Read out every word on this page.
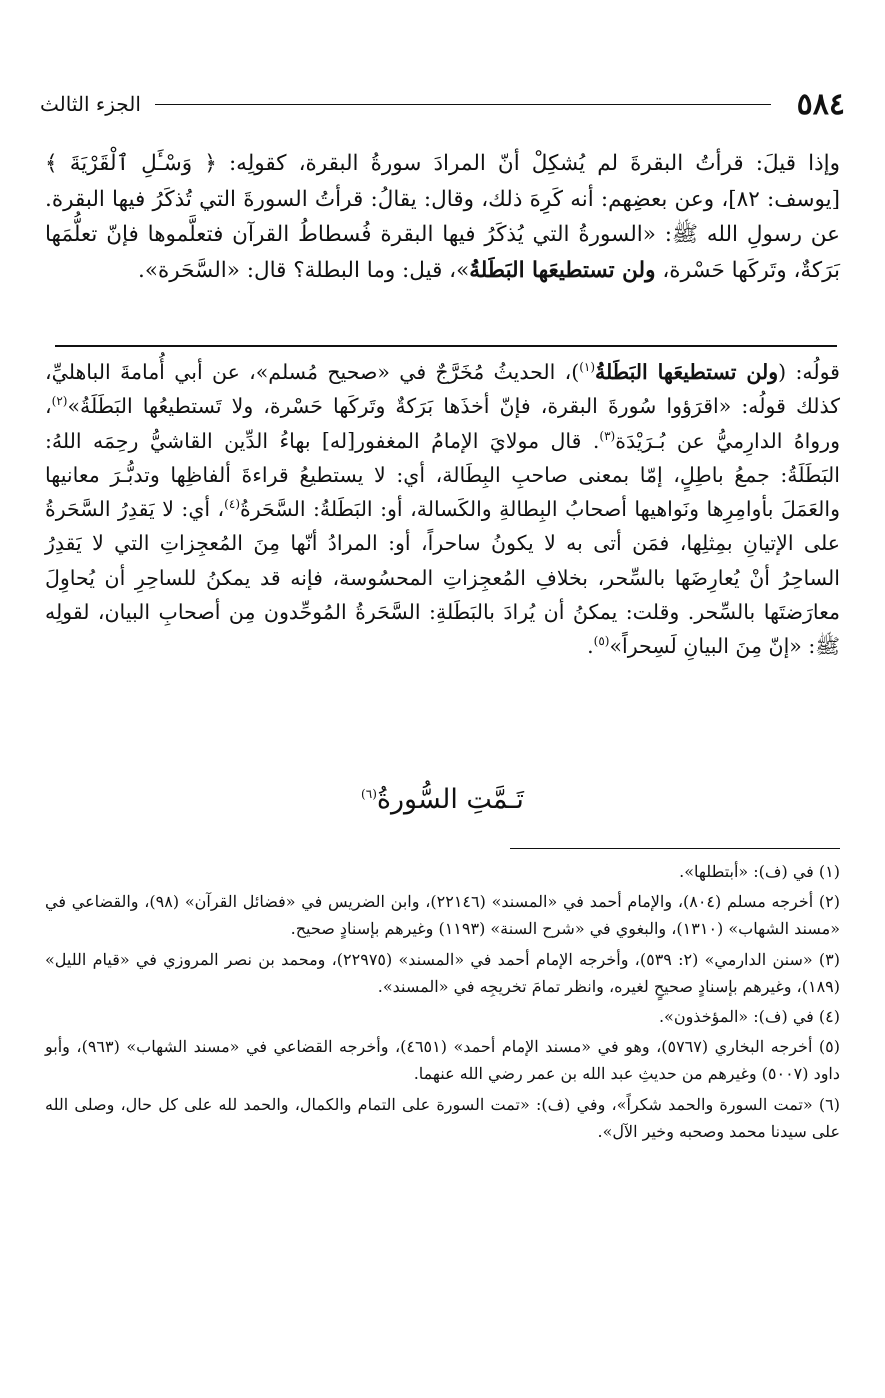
٥٨٤
الجزء الثالث

وإذا قيلَ: قرأتُ البقرةَ لم يُشكِلْ أنّ المرادَ سورةُ البقرة، كقولِه: ﴿ وَسْـَٔلِ ٱلْقَرْيَةَ ﴾ [يوسف: ٨٢]، وعن بعضِهم: أنه كَرِهَ ذلك، وقال: يقالُ: قرأتُ السورةَ التي تُذكَرُ فيها البقرة. عن رسولِ الله ﷺ: «السورةُ التي يُذكَرُ فيها البقرة فُسطاطُ القرآن فتعلَّموها فإنّ تعلُّمَها بَرَكةٌ، وتَركَها حَسْرة، ولن تستطيعَها البَطَلةُ»، قيل: وما البطلة؟ قال: «السَّحَرة».

قولُه: (ولن تستطيعَها البَطَلةُ$^{(١)}$)، الحديثُ مُخَرَّجٌ في «صحيح مُسلم»، عن أبي أُمامةَ الباهليِّ، كذلك قولُه: «اقرَؤوا سُورةَ البقرة، فإنّ أخذَها بَرَكةٌ وتَركَها حَسْرة، ولا تَستطيعُها البَطَلَةُ»$^{(٢)}$، ورواهُ الدارِميُّ عن بُـرَيْدَة$^{(٣)}$. قال مولايَ الإمامُ المغفور[له] بهاءُ الدِّين القاشيُّ رحِمَه اللهُ: البَطَلَةُ: جمعُ باطِلٍ، إمّا بمعنى صاحبِ البِطَالة، أي: لا يستطيعُ قراءةَ ألفاظِها وتدبُّـرَ معانيها والعَمَلَ بأوامِرِها ونَواهيها أصحابُ البِطالةِ والكَسالة، أو: البَطَلةُ: السَّحَرةُ$^{(٤)}$، أي: لا يَقدِرُ السَّحَرةُ على الإتيانِ بمِثلِها، فمَن أتى به لا يكونُ ساحراً، أو: المرادُ أنّها مِنَ المُعجِزاتِ التي لا يَقدِرُ الساحِرُ أنْ يُعارِضَها بالسِّحر، بخلافِ المُعجِزاتِ المحسُوسة، فإنه قد يمكنُ للساحِرِ أن يُحاوِلَ معارَضتَها بالسِّحر. وقلت: يمكنُ أن يُرادَ بالبَطَلةِ: السَّحَرةُ المُوحِّدون مِن أصحابِ البيان، لقولِه ﷺ: «إنّ مِنَ البيانِ لَسِحراً»$^{(٥)}$.

تَـمَّتِ السُّورةُ$^{(٦)}$

(١) في (ف): «أبتطلها».

(٢) أخرجه مسلم (٨٠٤)، والإمام أحمد في «المسند» (٢٢١٤٦)، وابن الضريس في «فضائل القرآن» (٩٨)، والقضاعي في «مسند الشهاب» (١٣١٠)، والبغوي في «شرح السنة» (١١٩٣) وغيرهم بإسنادٍ صحيح.

(٣) «سنن الدارمي» (٢: ٥٣٩)، وأخرجه الإمام أحمد في «المسند» (٢٢٩٧٥)، ومحمد بن نصر المروزي في «قيام الليل» (١٨٩)، وغيرهم بإسنادٍ صحيحٍ لغيره، وانظر تمامَ تخريجِه في «المسند».

(٤) في (ف): «المؤخذون».

(٥) أخرجه البخاري (٥٧٦٧)، وهو في «مسند الإمام أحمد» (٤٦٥١)، وأخرجه القضاعي في «مسند الشهاب» (٩٦٣)، وأبو داود (٥٠٠٧) وغيرهم من حديثِ عبد الله بن عمر رضي الله عنهما.

(٦) «تمت السورة والحمد شكراً»، وفي (ف): «تمت السورة على التمام والكمال، والحمد لله على كل حال، وصلى الله على سيدنا محمد وصحبه وخير الآل».
